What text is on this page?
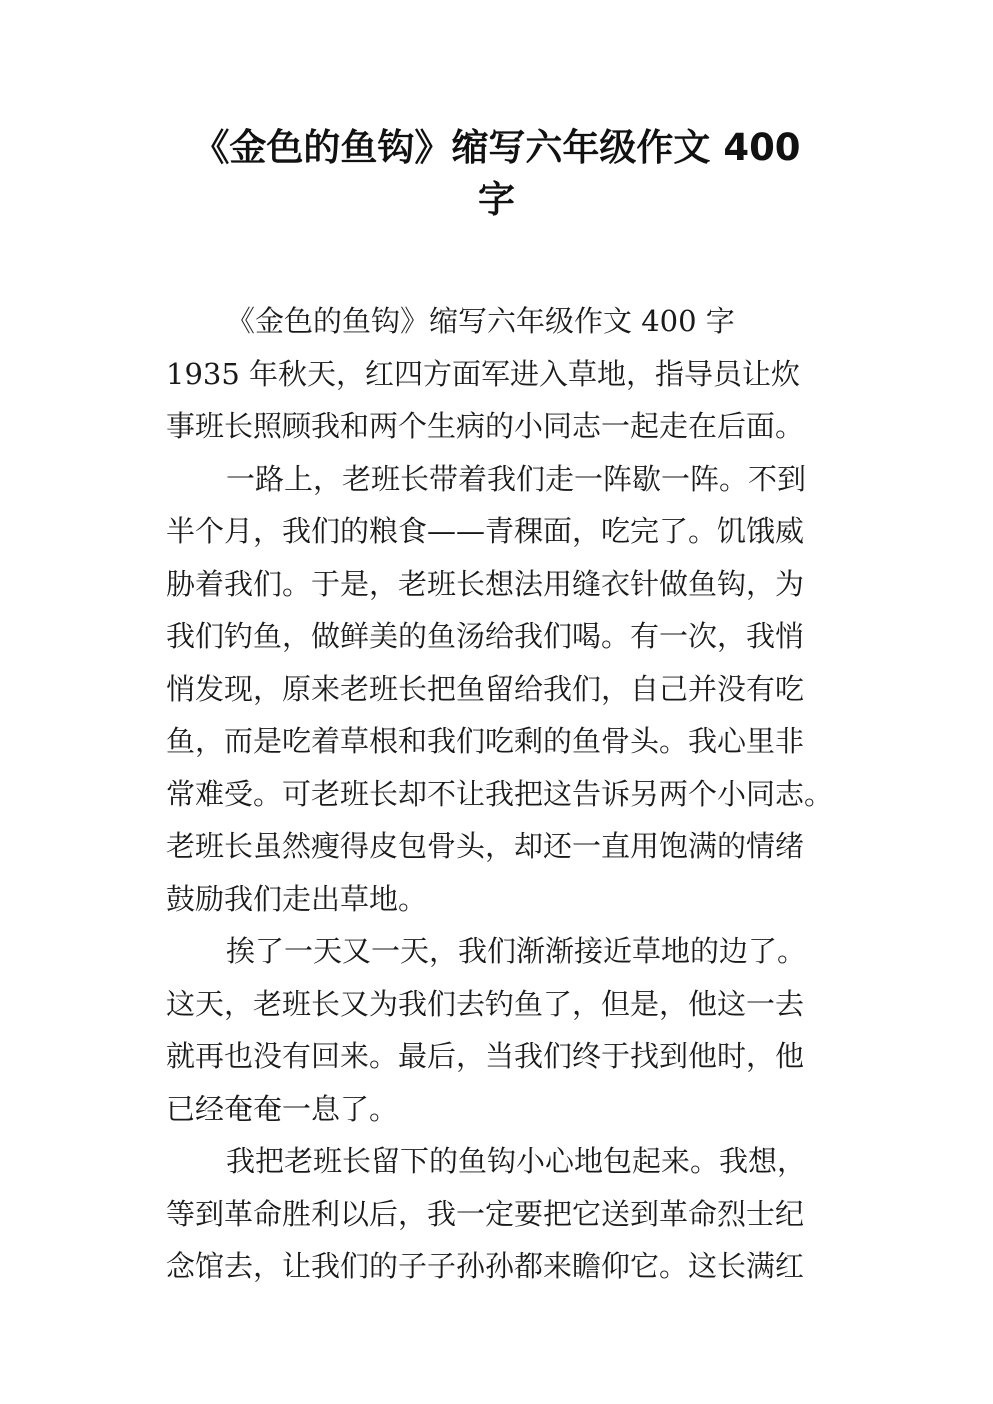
《金色的鱼钩》缩写六年级作文 400
字
《金色的鱼钩》缩写六年级作文 400 字
1935 年秋天，红四方面军进入草地，指导员让炊
事班长照顾我和两个生病的小同志一起走在后面。
一路上，老班长带着我们走一阵歇一阵。不到
半个月，我们的粮食——青稞面，吃完了。饥饿威
胁着我们。于是，老班长想法用缝衣针做鱼钩，为
我们钓鱼，做鲜美的鱼汤给我们喝。有一次，我悄
悄发现，原来老班长把鱼留给我们，自己并没有吃
鱼，而是吃着草根和我们吃剩的鱼骨头。我心里非
常难受。可老班长却不让我把这告诉另两个小同志。
老班长虽然瘦得皮包骨头，却还一直用饱满的情绪
鼓励我们走出草地。
挨了一天又一天，我们渐渐接近草地的边了。
这天，老班长又为我们去钓鱼了，但是，他这一去
就再也没有回来。最后，当我们终于找到他时，他
已经奄奄一息了。
我把老班长留下的鱼钩小心地包起来。我想，
等到革命胜利以后，我一定要把它送到革命烈士纪
念馆去，让我们的子子孙孙都来瞻仰它。这长满红
